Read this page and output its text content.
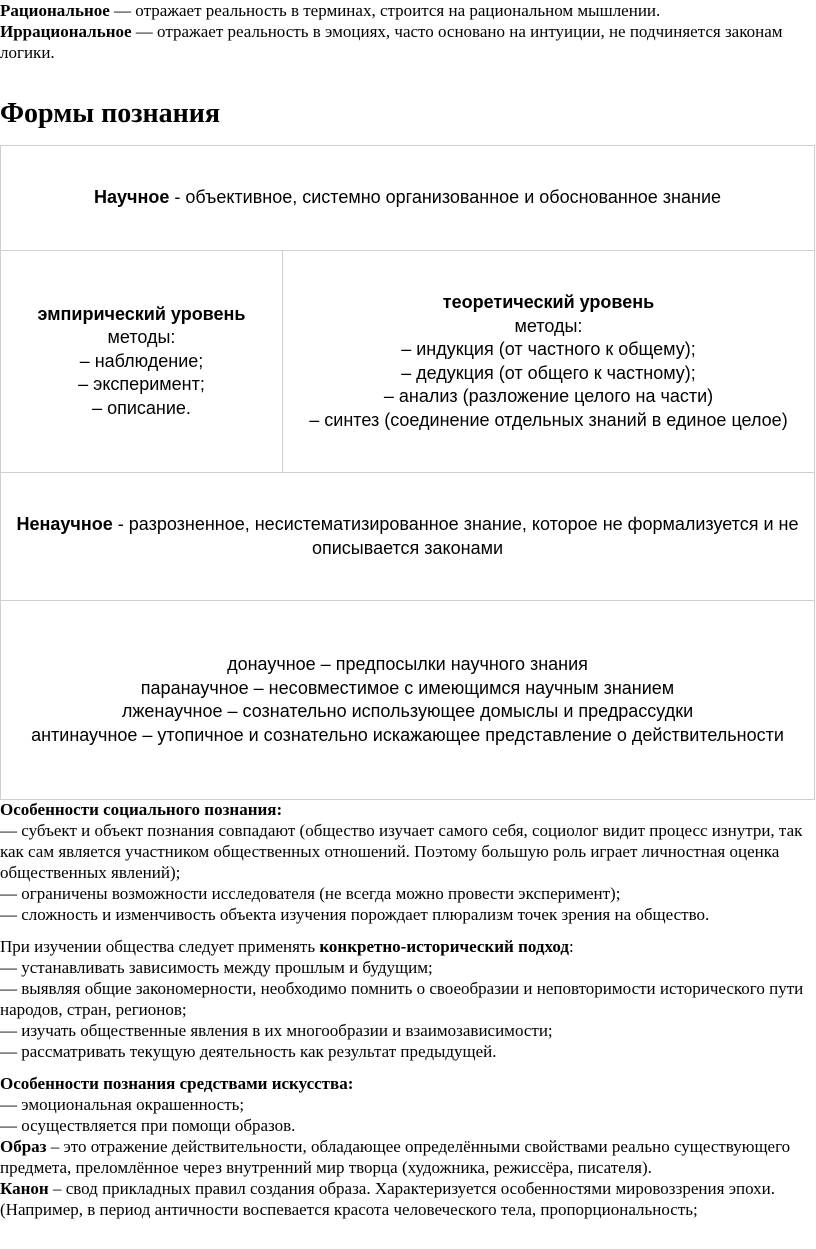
Рациональное — отражает реальность в терминах, строится на рациональном мышлении.

Иррациональное — отражает реальность в эмоциях, часто основано на интуиции, не подчиняется законам логики.

Формы познания
Научное - объективное, системно организованное и обоснованное знание

эмпирический уровень
методы:
– наблюдение;
– эксперимент;
– описание.

теоретический уровень
методы:
– индукция (от частного к общему);
– дедукция (от общего к частному);
– анализ (разложение целого на части)
– синтез (соединение отдельных знаний в единое целое)

Ненаучное - разрозненное, несистематизированное знание, которое не формализуется и не описывается законами

донаучное – предпосылки научного знания
паранаучное – несовместимое с имеющимся научным знанием
лженаучное – сознательно использующее домыслы и предрассудки
антинаучное – утопичное и сознательно искажающее представление о действительности

Особенности социального познания:

— субъект и объект познания совпадают (общество изучает самого себя, социолог видит процесс изнутри, так как сам является участником общественных отношений. Поэтому большую роль играет личностная оценка общественных явлений);

— ограничены возможности исследователя (не всегда можно провести эксперимент);

— сложность и изменчивость объекта изучения порождает плюрализм точек зрения на общество.

При изучении общества следует применять конкретно-исторический подход:

— устанавливать зависимость между прошлым и будущим;

— выявляя общие закономерности, необходимо помнить о своеобразии и неповторимости исторического пути народов, стран, регионов;

— изучать общественные явления в их многообразии и взаимозависимости;

— рассматривать текущую деятельность как результат предыдущей.

Особенности познания средствами искусства:

— эмоциональная окрашенность;

— осуществляется при помощи образов.

Образ – это отражение действительности, обладающее определёнными свойствами реально существующего предмета, преломлённое через внутренний мир творца (художника, режиссёра, писателя).

Канон – свод прикладных правил создания образа. Характеризуется особенностями мировоззрения эпохи. (Например, в период античности воспевается красота человеческого тела, пропорциональность;
